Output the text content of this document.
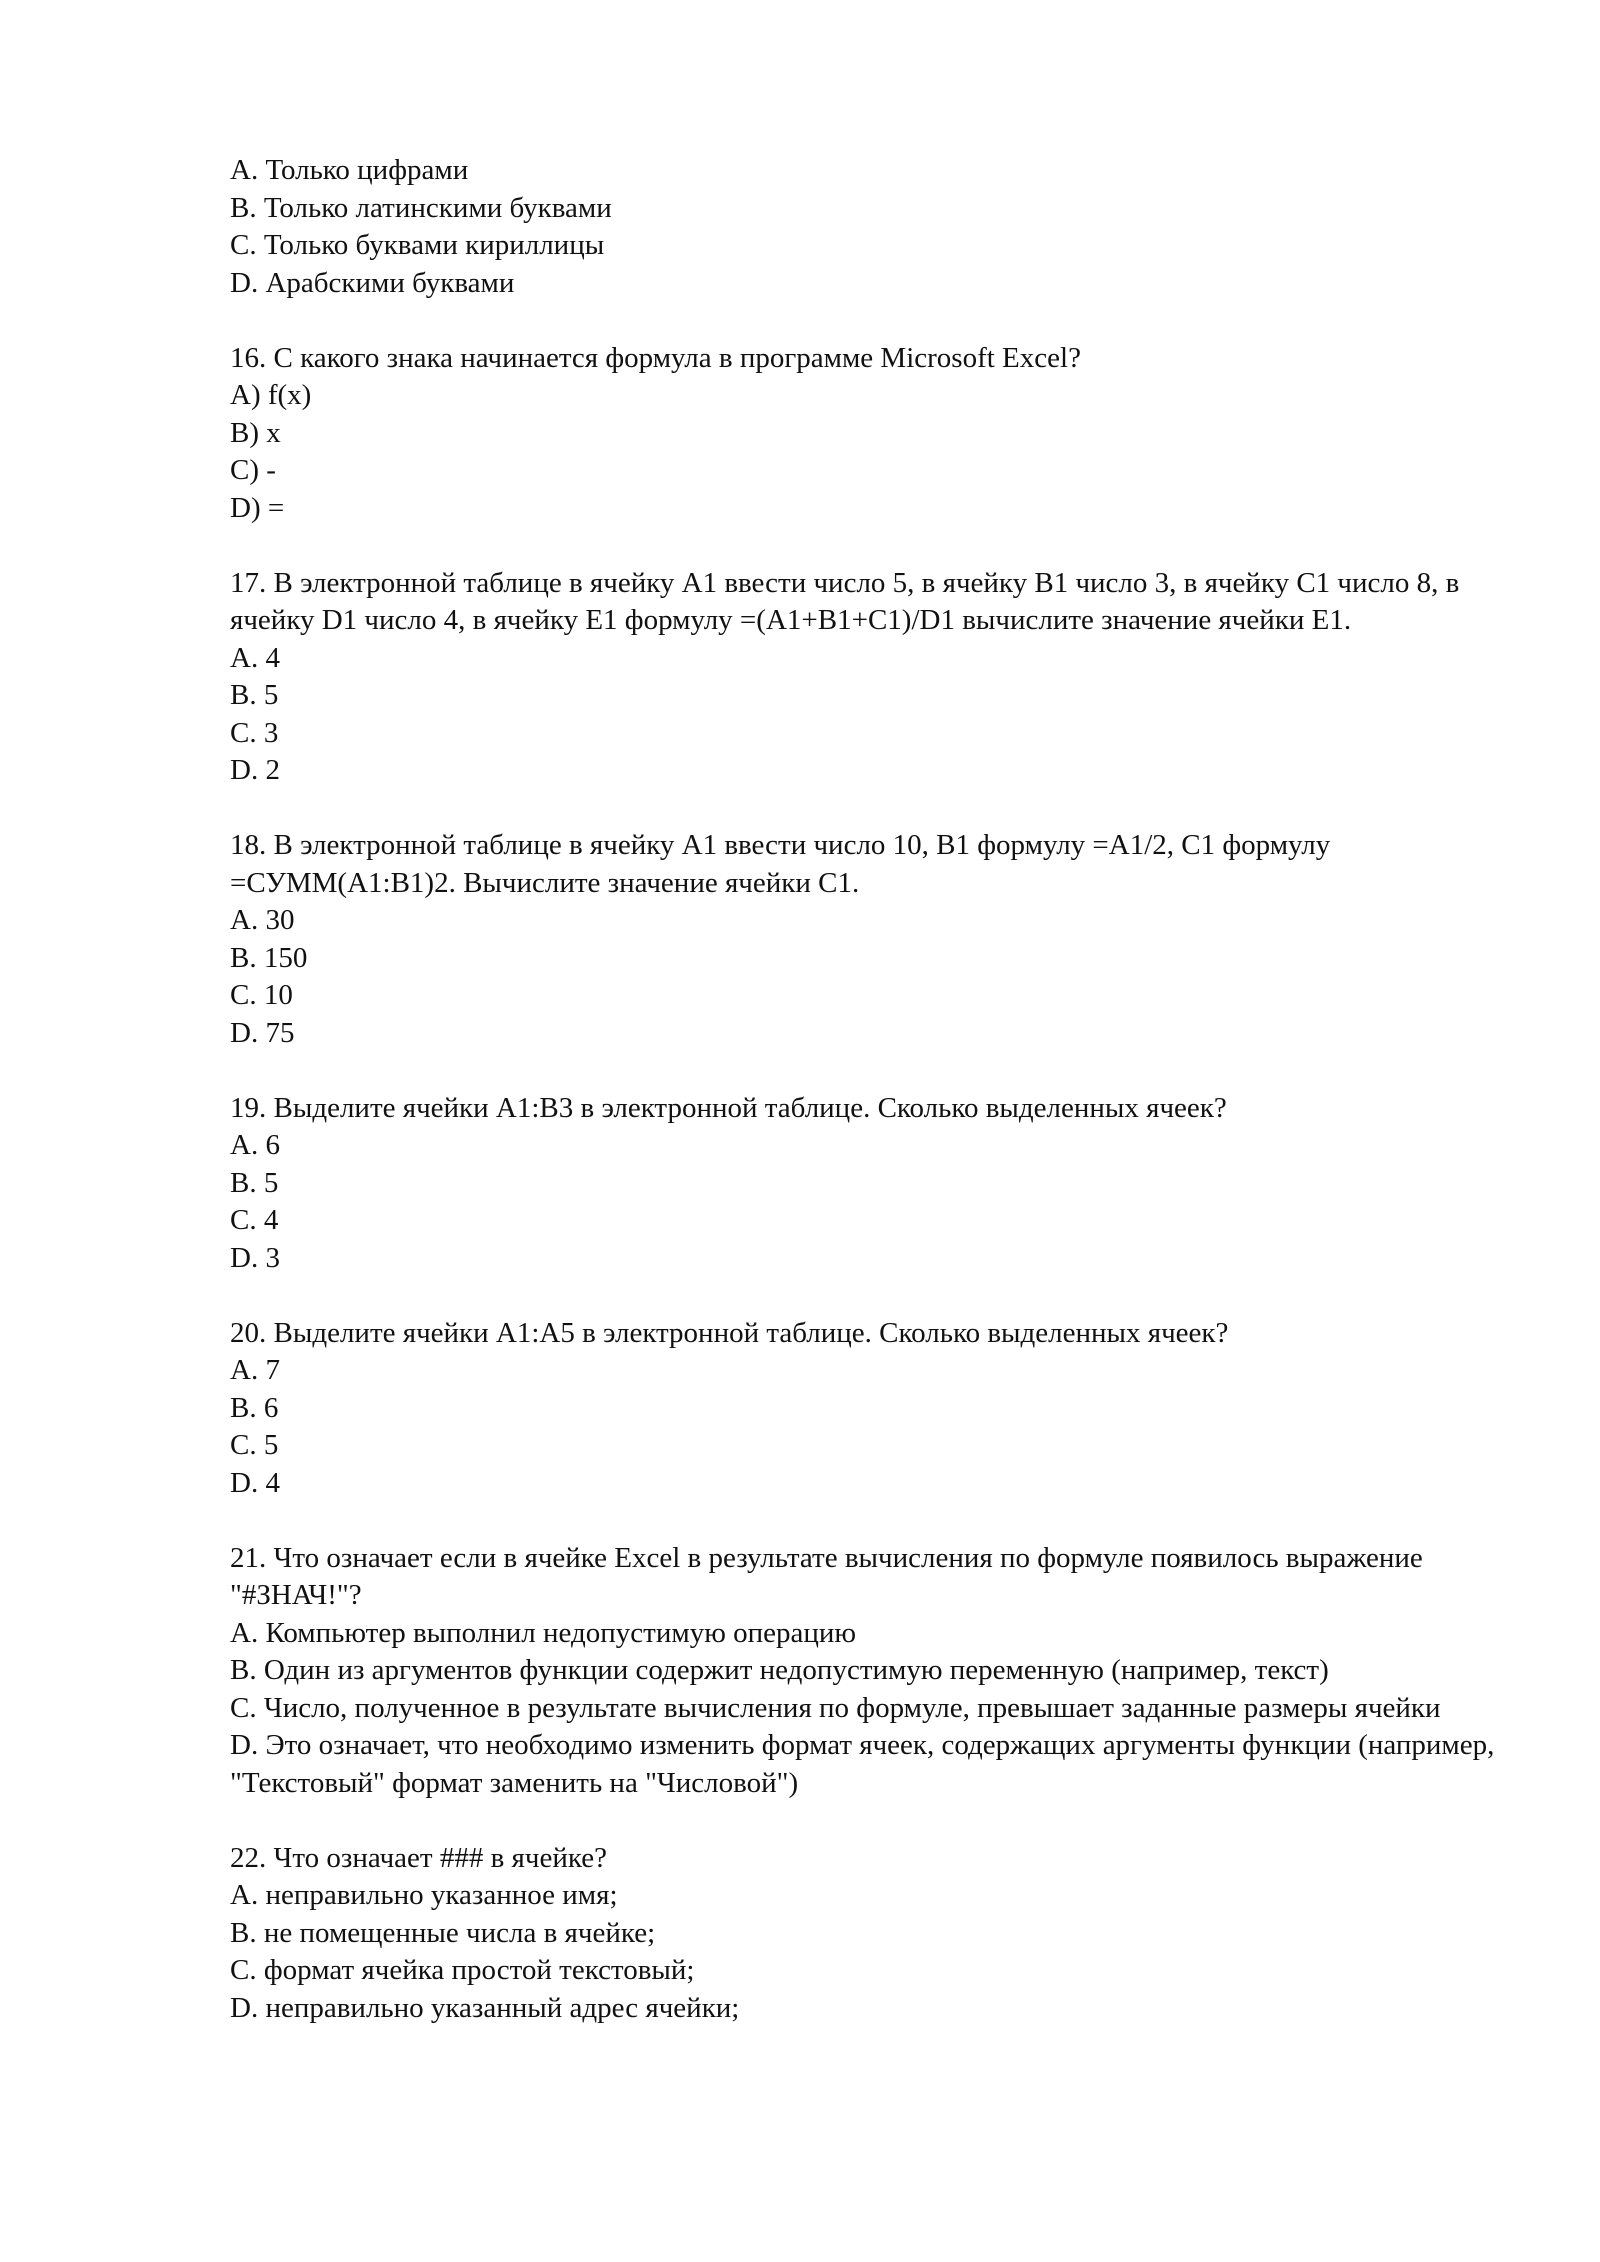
A. Только цифрами
B. Только латинскими буквами
C. Только буквами кириллицы
D. Арабскими буквами
16. С какого знака начинается формула в программе Microsoft Excel?
A) f(x)
B) x
C) -
D) =
17. В электронной таблице в ячейку A1 ввести число 5, в ячейку B1 число 3, в ячейку C1 число 8, в ячейку D1 число 4, в ячейку E1 формулу =(A1+B1+C1)/D1 вычислите значение ячейки E1.
A. 4
B. 5
C. 3
D. 2
18. В электронной таблице в ячейку A1 ввести число 10, B1 формулу =A1/2, C1 формулу =СУММ(A1:B1)2. Вычислите значение ячейки C1.
A. 30
B. 150
C. 10
D. 75
19. Выделите ячейки A1:B3 в электронной таблице. Сколько выделенных ячеек?
A. 6
B. 5
C. 4
D. 3
20. Выделите ячейки A1:A5 в электронной таблице. Сколько выделенных ячеек?
A. 7
B. 6
C. 5
D. 4
21. Что означает если в ячейке Excel в результате вычисления по формуле появилось выражение "#ЗНАЧ!"?
A. Компьютер выполнил недопустимую операцию
B. Один из аргументов функции содержит недопустимую переменную (например, текст)
C. Число, полученное в результате вычисления по формуле, превышает заданные размеры ячейки
D. Это означает, что необходимо изменить формат ячеек, содержащих аргументы функции (например, "Текстовый" формат заменить на "Числовой")
22. Что означает ### в ячейке?
A. неправильно указанное имя;
B. не помещенные числа в ячейке;
C. формат ячейка простой текстовый;
D. неправильно указанный адрес ячейки;
